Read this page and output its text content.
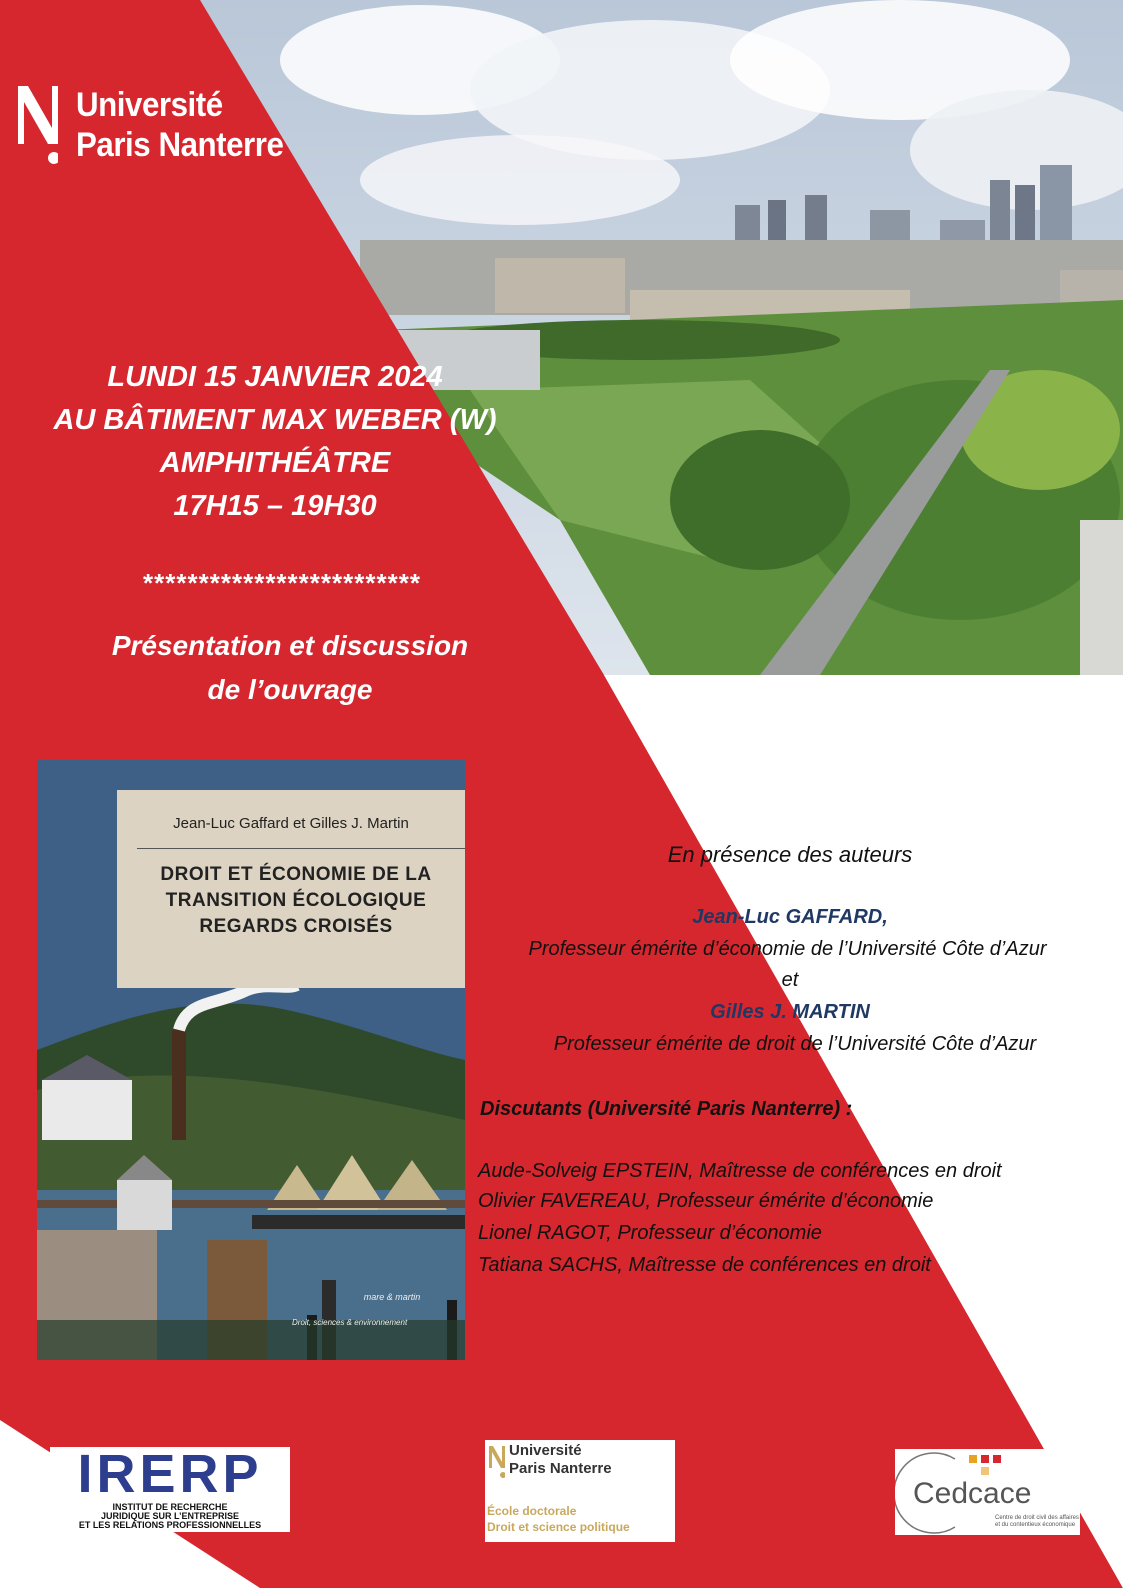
Université
Paris Nanterre
LUNDI 15 JANVIER 2024
AU BÂTIMENT MAX WEBER (W)
AMPHITHÉÂTRE
17H15 – 19H30
*************************
Présentation et discussion
de l’ouvrage
Jean-Luc Gaffard et Gilles J. Martin
DROIT ET ÉCONOMIE DE LA
TRANSITION ÉCOLOGIQUE
REGARDS CROISÉS
mare & martin
Droit, sciences & environnement
En présence des auteurs
Jean-Luc GAFFARD,
Professeur émérite d’économie de l’Université Côte d’Azur
et
Gilles J. MARTIN
Professeur émérite de droit de l’Université Côte d’Azur
Discutants (Université Paris Nanterre) :
Aude-Solveig EPSTEIN, Maîtresse de conférences en droit
Olivier FAVEREAU, Professeur émérite d’économie
Lionel RAGOT, Professeur d’économie
Tatiana SACHS, Maîtresse de conférences en droit
IRERP
INSTITUT DE RECHERCHE
JURIDIQUE SUR L’ENTREPRISE
ET LES RELATIONS PROFESSIONNELLES
Université
Paris Nanterre
École doctorale
Droit et science politique
Cedcace
Centre de droit civil des affaires
et du contentieux économique
